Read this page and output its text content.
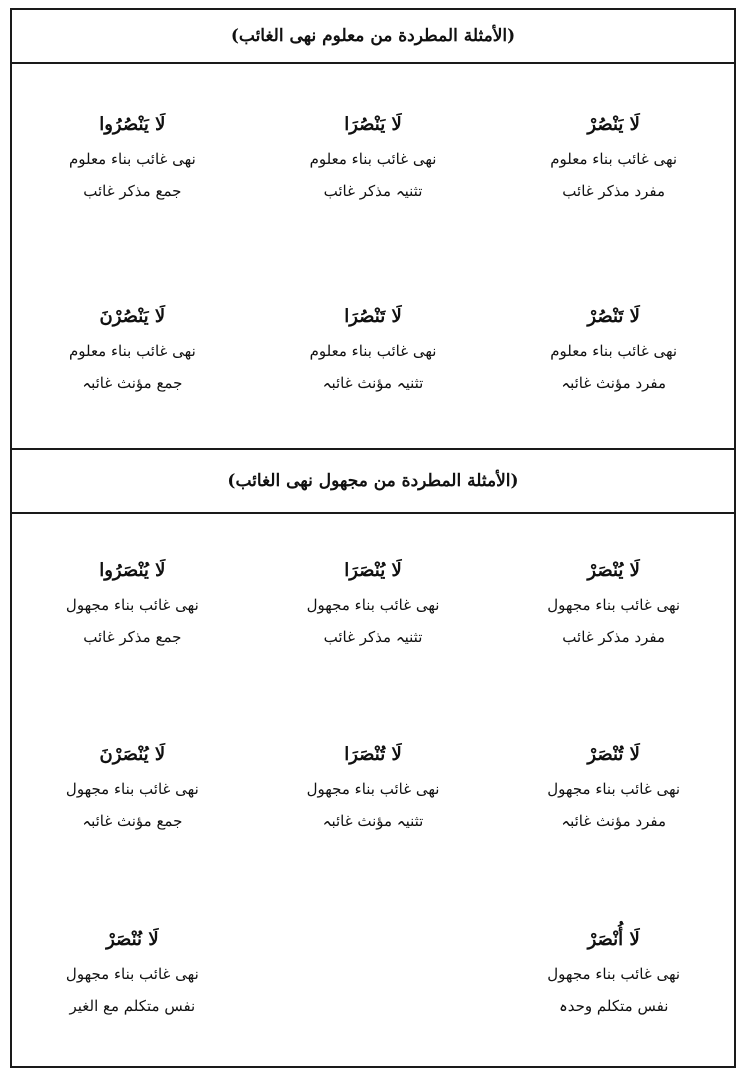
(الأمثلة المطردة من معلوم نهی الغائب)
لَا يَنْصُرْ
نهی غائب بناء معلوم
مفرد مذکر غائب
لَا يَنْصُرَا
نهی غائب بناء معلوم
تثنیہ مذکر غائب
لَا يَنْصُرُوا
نهی غائب بناء معلوم
جمع مذکر غائب
لَا تَنْصُرْ
نهی غائب بناء معلوم
مفرد مؤنث غائبہ
لَا تَنْصُرَا
نهی غائب بناء معلوم
تثنیہ مؤنث غائبہ
لَا يَنْصُرْنَ
نهی غائب بناء معلوم
جمع مؤنث غائبہ
(الأمثلة المطردة من مجهول نهی الغائب)
لَا يُنْصَرْ
نهی غائب بناء مجهول
مفرد مذکر غائب
لَا يُنْصَرَا
نهی غائب بناء مجهول
تثنیہ مذکر غائب
لَا يُنْصَرُوا
نهی غائب بناء مجهول
جمع مذکر غائب
لَا تُنْصَرْ
نهی غائب بناء مجهول
مفرد مؤنث غائبہ
لَا تُنْصَرَا
نهی غائب بناء مجهول
تثنیہ مؤنث غائبہ
لَا يُنْصَرْنَ
نهی غائب بناء مجهول
جمع مؤنث غائبہ
لَا أُنْصَرْ
نهی غائب بناء مجهول
نفس متکلم وحدہ
لَا نُنْصَرْ
نهی غائب بناء مجهول
نفس متکلم مع الغیر
